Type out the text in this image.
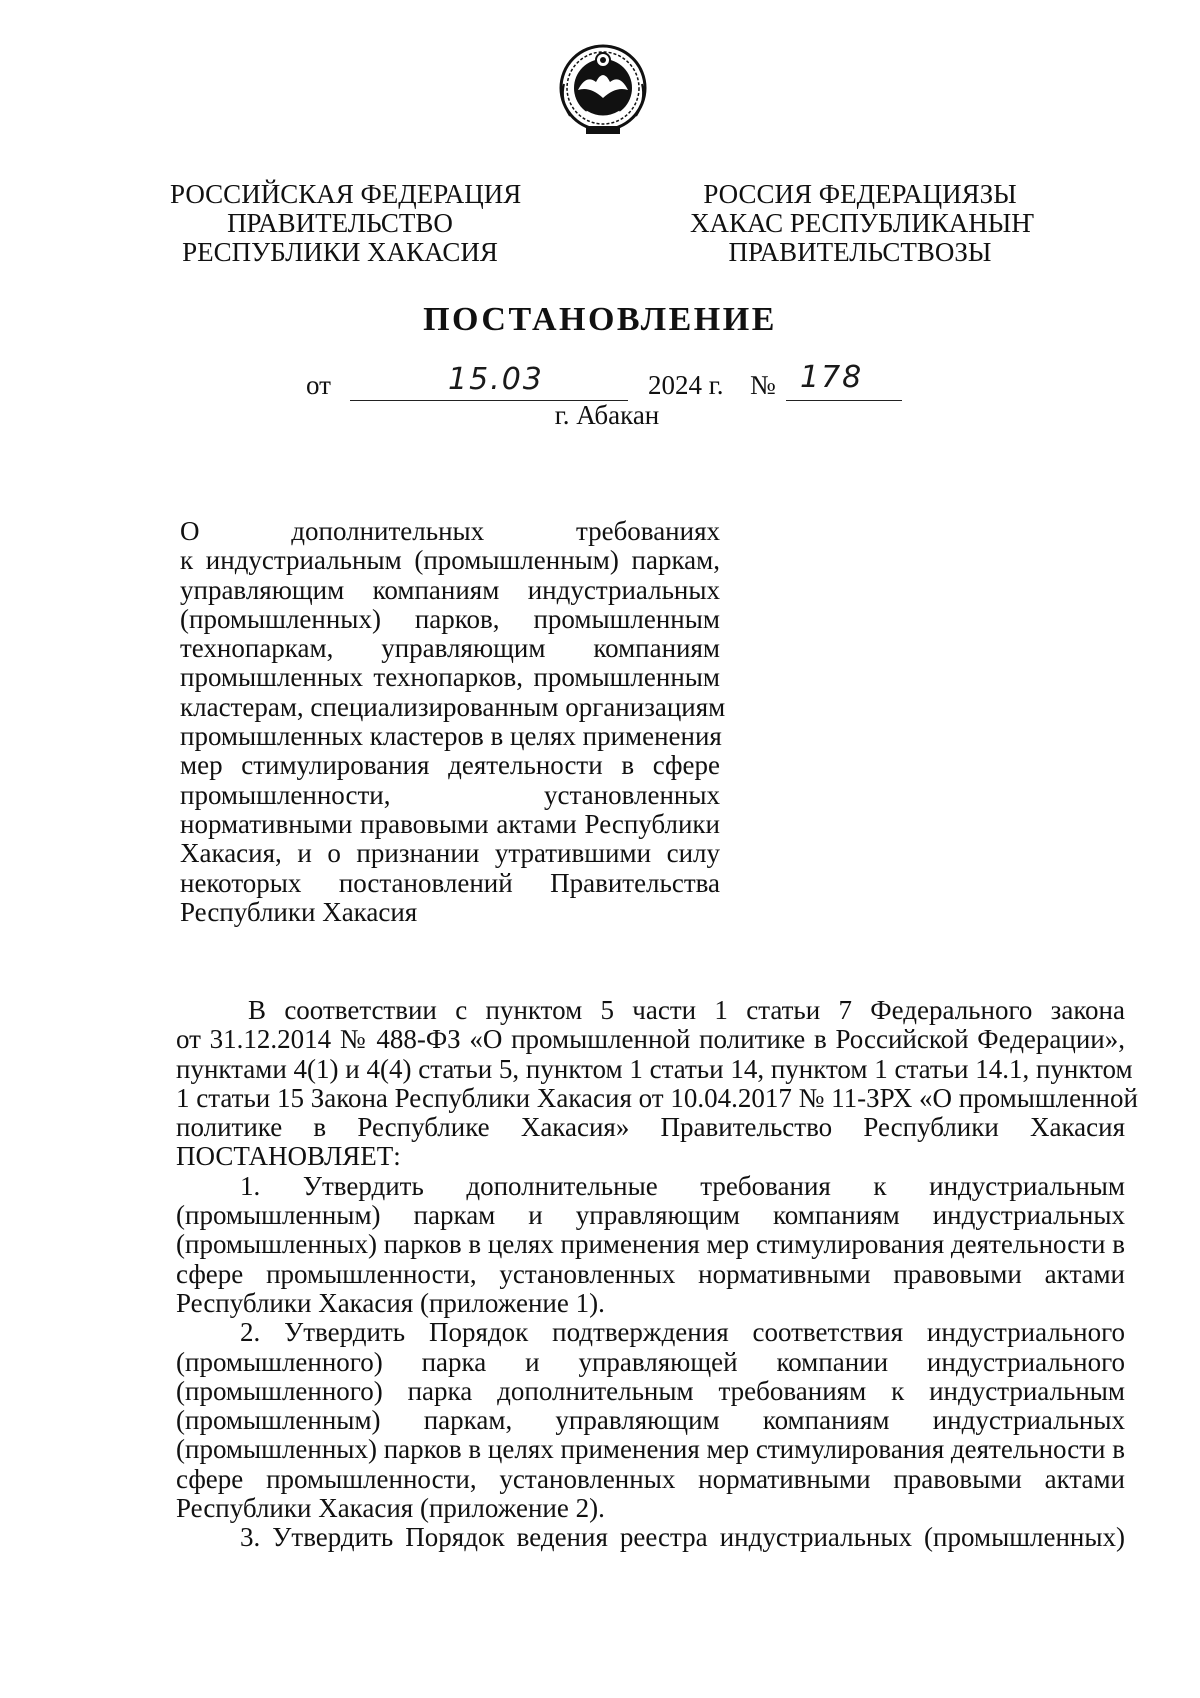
РОССИЙСКАЯ ФЕДЕРАЦИЯ
ПРАВИТЕЛЬСТВО
РЕСПУБЛИКИ ХАКАСИЯ
РОССИЯ ФЕДЕРАЦИЯЗЫ
ХАКАС РЕСПУБЛИКАНЫҤ
ПРАВИТЕЛЬСТВОЗЫ
ПОСТАНОВЛЕНИЕ
от	15.03	2024 г. № 178
г. Абакан
О дополнительных требованиях
к индустриальным (промышленным) паркам,
управляющим компаниям индустриальных
(промышленных) парков, промышленным
технопаркам, управляющим компаниям
промышленных технопарков, промышленным
кластерам, специализированным организациям
промышленных кластеров в целях применения
мер стимулирования деятельности в сфере
промышленности, установленных
нормативными правовыми актами Республики
Хакасия, и о признании утратившими силу
некоторых постановлений Правительства
Республики Хакасия
В соответствии с пунктом 5 части 1 статьи 7 Федерального закона
от 31.12.2014 № 488-ФЗ «О промышленной политике в Российской Федерации»,
пунктами 4(1) и 4(4) статьи 5, пунктом 1 статьи 14, пунктом 1 статьи 14.1, пунктом
1 статьи 15 Закона Республики Хакасия от 10.04.2017 № 11-ЗРХ «О промышленной
политике в Республике Хакасия» Правительство Республики Хакасия
ПОСТАНОВЛЯЕТ:
1. Утвердить дополнительные требования к индустриальным
(промышленным) паркам и управляющим компаниям индустриальных
(промышленных) парков в целях применения мер стимулирования деятельности в
сфере промышленности, установленных нормативными правовыми актами
Республики Хакасия (приложение 1).
2. Утвердить Порядок подтверждения соответствия индустриального
(промышленного) парка и управляющей компании индустриального
(промышленного) парка дополнительным требованиям к индустриальным
(промышленным) паркам, управляющим компаниям индустриальных
(промышленных) парков в целях применения мер стимулирования деятельности в
сфере промышленности, установленных нормативными правовыми актами
Республики Хакасия (приложение 2).
3. Утвердить Порядок ведения реестра индустриальных (промышленных)
